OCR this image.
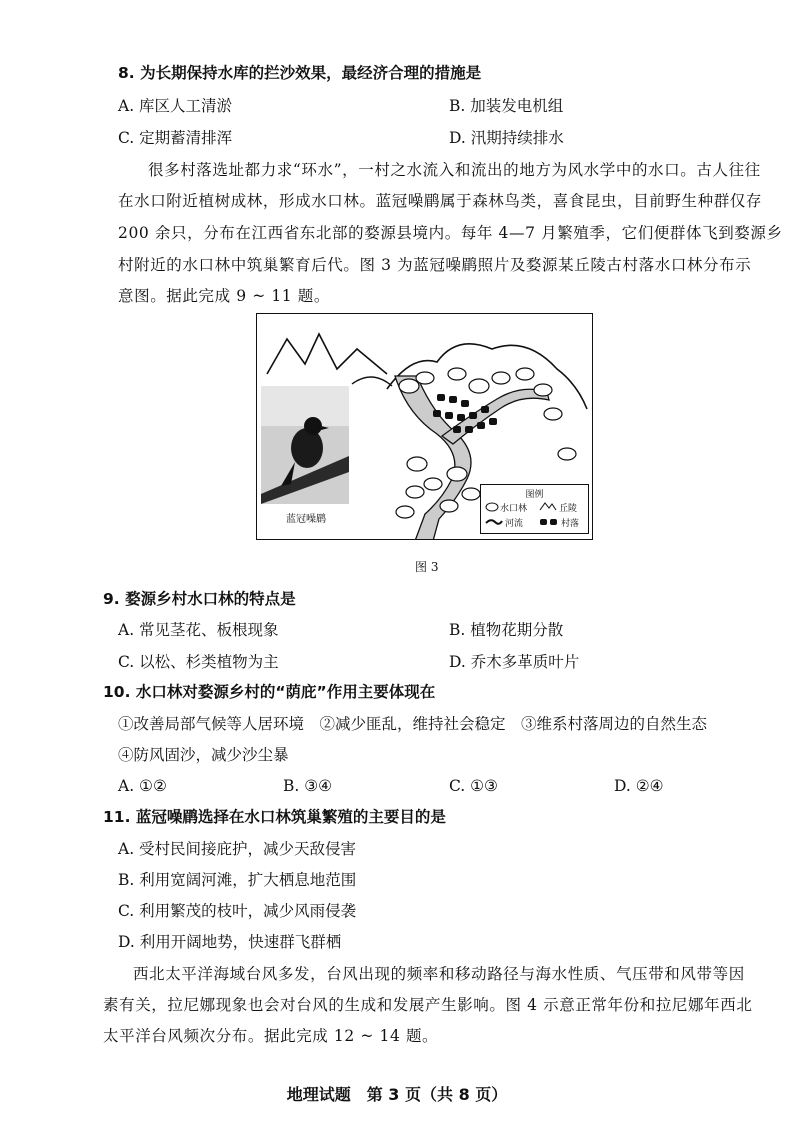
8. 为长期保持水库的拦沙效果，最经济合理的措施是
A. 库区人工清淤	B. 加装发电机组
C. 定期蓄清排浑	D. 汛期持续排水
很多村落选址都力求“环水”，一村之水流入和流出的地方为风水学中的水口。古人往往
在水口附近植树成林，形成水口林。蓝冠噪鹛属于森林鸟类，喜食昆虫，目前野生种群仅存
200 余只，分布在江西省东北部的婺源县境内。每年 4—7 月繁殖季，它们便群体飞到婺源乡
村附近的水口林中筑巢繁育后代。图 3 为蓝冠噪鹛照片及婺源某丘陵古村落水口林分布示
意图。据此完成 9 ~ 11 题。
蓝冠噪鹛
图例
水口林	丘陵
河流	村落
图 3
9. 婺源乡村水口林的特点是
A. 常见茎花、板根现象	B. 植物花期分散
C. 以松、杉类植物为主	D. 乔木多革质叶片
10. 水口林对婺源乡村的“荫庇”作用主要体现在
①改善局部气候等人居环境　②减少匪乱，维持社会稳定　③维系村落周边的自然生态
④防风固沙，减少沙尘暴
A. ①②	B. ③④	C. ①③	D. ②④
11. 蓝冠噪鹛选择在水口林筑巢繁殖的主要目的是
A. 受村民间接庇护，减少天敌侵害
B. 利用宽阔河滩，扩大栖息地范围
C. 利用繁茂的枝叶，减少风雨侵袭
D. 利用开阔地势，快速群飞群栖
西北太平洋海域台风多发，台风出现的频率和移动路径与海水性质、气压带和风带等因
素有关，拉尼娜现象也会对台风的生成和发展产生影响。图 4 示意正常年份和拉尼娜年西北
太平洋台风频次分布。据此完成 12 ~ 14 题。
地理试题　第 3 页（共 8 页）
